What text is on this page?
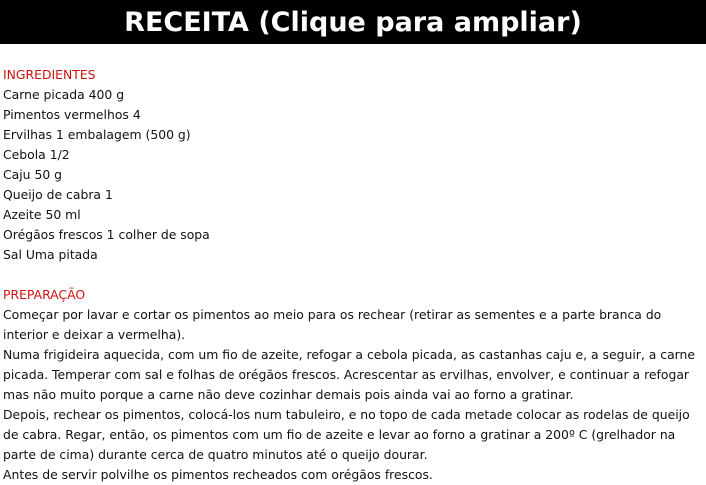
RECEITA (Clique para ampliar)
INGREDIENTES
Carne picada 400 g
Pimentos vermelhos 4
Ervilhas 1 embalagem (500 g)
Cebola 1/2
Caju 50 g
Queijo de cabra 1
Azeite 50 ml
Orégãos frescos 1 colher de sopa
Sal Uma pitada
PREPARAÇÃO

Começar por lavar e cortar os pimentos ao meio para os rechear (retirar as sementes e a parte branca do interior e deixar a vermelha).

Numa frigideira aquecida, com um fio de azeite, refogar a cebola picada, as castanhas caju e, a seguir, a carne picada. Temperar com sal e folhas de orégãos frescos. Acrescentar as ervilhas, envolver, e continuar a refogar mas não muito porque a carne não deve cozinhar demais pois ainda vai ao forno a gratinar.

Depois, rechear os pimentos, colocá-los num tabuleiro, e no topo de cada metade colocar as rodelas de queijo de cabra. Regar, então, os pimentos com um fio de azeite e levar ao forno a gratinar a 200º C (grelhador na parte de cima) durante cerca de quatro minutos até o queijo dourar.

Antes de servir polvilhe os pimentos recheados com orégãos frescos.
